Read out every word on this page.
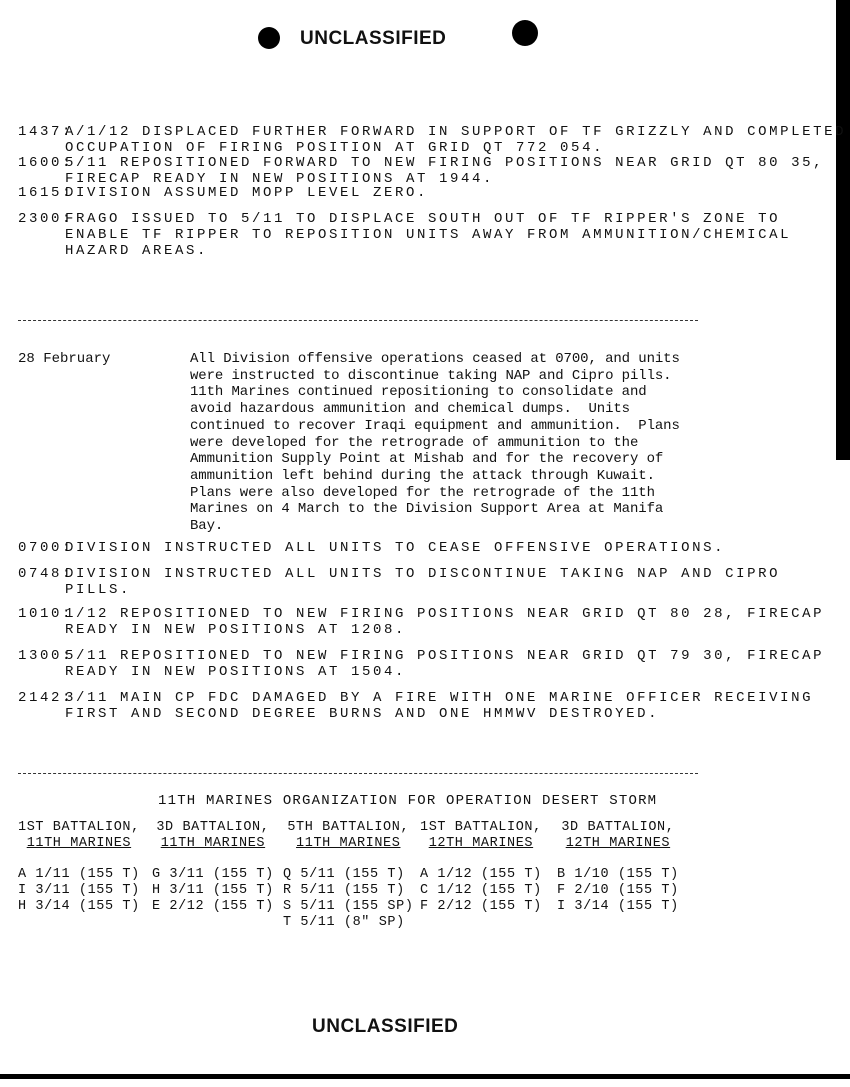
UNCLASSIFIED
1437:
A/1/12 DISPLACED FURTHER FORWARD IN SUPPORT OF TF GRIZZLY AND COMPLETED
OCCUPATION OF FIRING POSITION AT GRID QT 772 054.
1600:
5/11 REPOSITIONED FORWARD TO NEW FIRING POSITIONS NEAR GRID QT 80 35,
FIRECAP READY IN NEW POSITIONS AT 1944.
1615:
DIVISION ASSUMED MOPP LEVEL ZERO.
2300:
FRAGO ISSUED TO 5/11 TO DISPLACE SOUTH OUT OF TF RIPPER'S ZONE TO
ENABLE TF RIPPER TO REPOSITION UNITS AWAY FROM AMMUNITION/CHEMICAL
HAZARD AREAS.
28 February	All Division offensive operations ceased at 0700, and units
were instructed to discontinue taking NAP and Cipro pills.
11th Marines continued repositioning to consolidate and
avoid hazardous ammunition and chemical dumps.  Units
continued to recover Iraqi equipment and ammunition.  Plans
were developed for the retrograde of ammunition to the
Ammunition Supply Point at Mishab and for the recovery of
ammunition left behind during the attack through Kuwait.
Plans were also developed for the retrograde of the 11th
Marines on 4 March to the Division Support Area at Manifa
Bay.
0700:
DIVISION INSTRUCTED ALL UNITS TO CEASE OFFENSIVE OPERATIONS.
0748:
DIVISION INSTRUCTED ALL UNITS TO DISCONTINUE TAKING NAP AND CIPRO
PILLS.
1010:
1/12 REPOSITIONED TO NEW FIRING POSITIONS NEAR GRID QT 80 28, FIRECAP
READY IN NEW POSITIONS AT 1208.
1300:
5/11 REPOSITIONED TO NEW FIRING POSITIONS NEAR GRID QT 79 30, FIRECAP
READY IN NEW POSITIONS AT 1504.
2142:
3/11 MAIN CP FDC DAMAGED BY A FIRE WITH ONE MARINE OFFICER RECEIVING
FIRST AND SECOND DEGREE BURNS AND ONE HMMWV DESTROYED.
11TH MARINES ORGANIZATION FOR OPERATION DESERT STORM
1ST BATTALION,
11TH MARINES
A 1/11 (155 T)
I 3/11 (155 T)
H 3/14 (155 T)
3D BATTALION,
11TH MARINES
G 3/11 (155 T)
H 3/11 (155 T)
E 2/12 (155 T)
5TH BATTALION,
11TH MARINES
Q 5/11 (155 T)
R 5/11 (155 T)
S 5/11 (155 SP)
T 5/11 (8" SP)
1ST BATTALION,
12TH MARINES
A 1/12 (155 T)
C 1/12 (155 T)
F 2/12 (155 T)
3D BATTALION,
12TH MARINES
B 1/10 (155 T)
F 2/10 (155 T)
I 3/14 (155 T)
UNCLASSIFIED
